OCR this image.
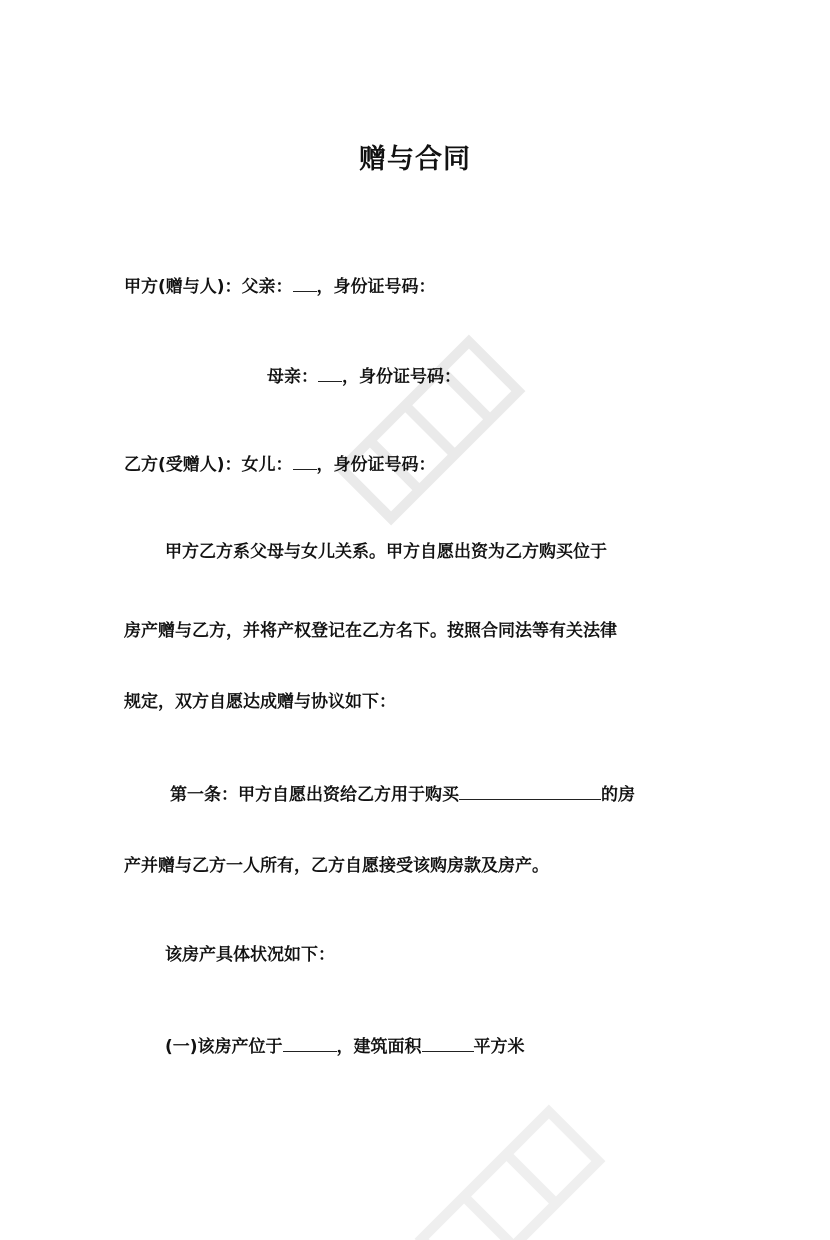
赠与合同
甲方(赠与人)：父亲： ，身份证号码：
母亲： ，身份证号码：
乙方(受赠人)：女儿： ，身份证号码：
甲方乙方系父母与女儿关系。甲方自愿出资为乙方购买位于
房产赠与乙方，并将产权登记在乙方名下。按照合同法等有关法律
规定，双方自愿达成赠与协议如下：
第一条：甲方自愿出资给乙方用于购买	的房
产并赠与乙方一人所有，乙方自愿接受该购房款及房产。
该房产具体状况如下：
(一)该房产位于	，建筑面积	平方米
